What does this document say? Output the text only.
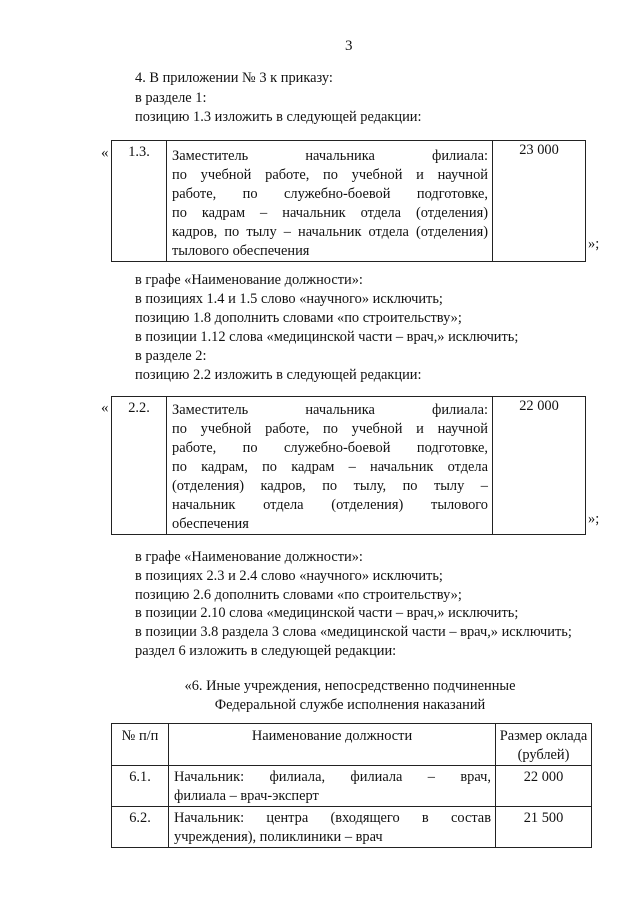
3
4. В приложении № 3 к приказу:
в разделе 1:
позицию 1.3 изложить в следующей редакции:
« 1.3.	Заместитель начальника филиала:
по учебной работе, по учебной и научной
работе, по служебно-боевой подготовке,
по кадрам – начальник отдела (отделения)
кадров, по тылу – начальник отдела (отделения)
тылового обеспечения
	23 000
»;
в графе «Наименование должности»:
в позициях 1.4 и 1.5 слово «научного» исключить;
позицию 1.8 дополнить словами «по строительству»;
в позиции 1.12 слова «медицинской части – врач,» исключить;
в разделе 2:
позицию 2.2 изложить в следующей редакции:
« 2.2.	Заместитель начальника филиала:
по учебной работе, по учебной и научной
работе, по служебно-боевой подготовке,
по кадрам, по кадрам – начальник отдела
(отделения) кадров, по тылу, по тылу –
начальник отдела (отделения) тылового
обеспечения
	22 000
»;
в графе «Наименование должности»:
в позициях 2.3 и 2.4 слово «научного» исключить;
позицию 2.6 дополнить словами «по строительству»;
в позиции 2.10 слова «медицинской части – врач,» исключить;
в позиции 3.8 раздела 3 слова «медицинской части – врач,» исключить;
раздел 6 изложить в следующей редакции:
«6. Иные учреждения, непосредственно подчиненные
Федеральной службе исполнения наказаний
№ п/п	Наименование должности	Размер оклада
(рублей)

6.1.	Начальник: филиала, филиала – врач,
филиала – врач-эксперт	22 000
6.2.	Начальник: центра (входящего в состав
учреждения), поликлиники – врач	21 500
